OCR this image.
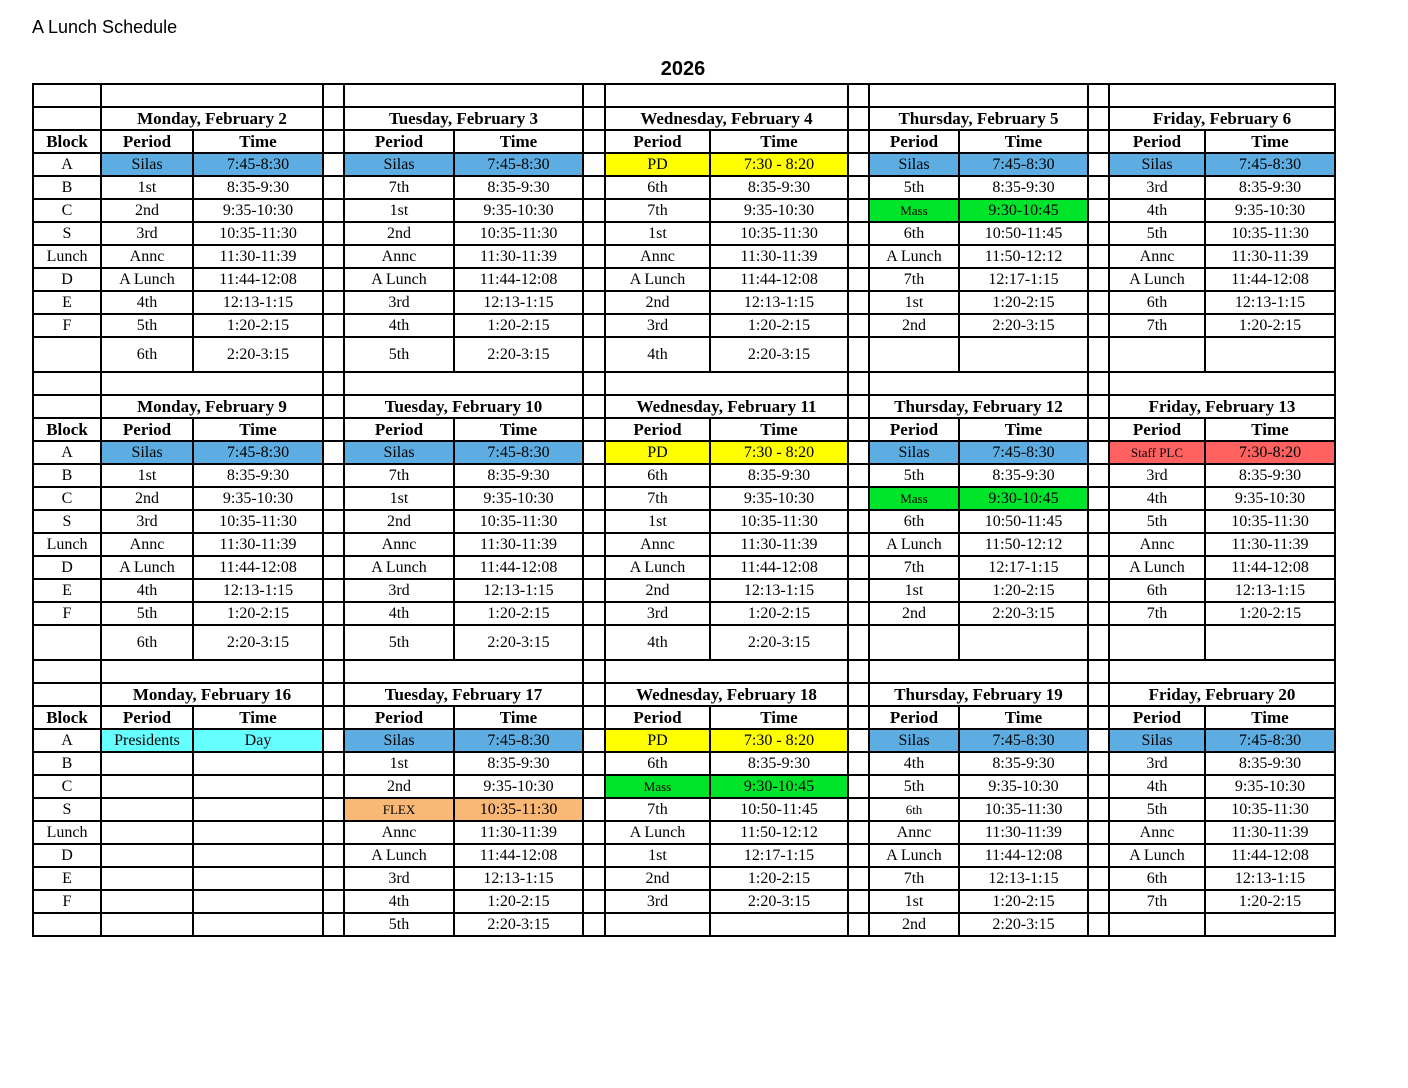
A Lunch Schedule
2026

	Monday, February 2			Tuesday, February 3			Wednesday, February 4			Thursday, February 5			Friday, February 6	
Block	Period	Time		Period	Time		Period	Time		Period	Time		Period	Time
A	Silas	7:45-8:30		Silas	7:45-8:30		PD	7:30 - 8:20		Silas	7:45-8:30		Silas	7:45-8:30
B	1st	8:35-9:30		7th	8:35-9:30		6th	8:35-9:30		5th	8:35-9:30		3rd	8:35-9:30
C	2nd	9:35-10:30		1st	9:35-10:30		7th	9:35-10:30		Mass	9:30-10:45		4th	9:35-10:30
S	3rd	10:35-11:30		2nd	10:35-11:30		1st	10:35-11:30		6th	10:50-11:45		5th	10:35-11:30
Lunch	Annc	11:30-11:39		Annc	11:30-11:39		Annc	11:30-11:39		A Lunch	11:50-12:12		Annc	11:30-11:39
D	A Lunch	11:44-12:08		A Lunch	11:44-12:08		A Lunch	11:44-12:08		7th	12:17-1:15		A Lunch	11:44-12:08
E	4th	12:13-1:15		3rd	12:13-1:15		2nd	12:13-1:15		1st	1:20-2:15		6th	12:13-1:15
F	5th	1:20-2:15		4th	1:20-2:15		3rd	1:20-2:15		2nd	2:20-3:15		7th	1:20-2:15
	6th	2:20-3:15		5th	2:20-3:15		4th	2:20-3:15						

	Monday, February 9			Tuesday, February 10			Wednesday, February 11			Thursday, February 12			Friday, February 13	
Block	Period	Time		Period	Time		Period	Time		Period	Time		Period	Time
A	Silas	7:45-8:30		Silas	7:45-8:30		PD	7:30 - 8:20		Silas	7:45-8:30		Staff PLC	7:30-8:20
B	1st	8:35-9:30		7th	8:35-9:30		6th	8:35-9:30		5th	8:35-9:30		3rd	8:35-9:30
C	2nd	9:35-10:30		1st	9:35-10:30		7th	9:35-10:30		Mass	9:30-10:45		4th	9:35-10:30
S	3rd	10:35-11:30		2nd	10:35-11:30		1st	10:35-11:30		6th	10:50-11:45		5th	10:35-11:30
Lunch	Annc	11:30-11:39		Annc	11:30-11:39		Annc	11:30-11:39		A Lunch	11:50-12:12		Annc	11:30-11:39
D	A Lunch	11:44-12:08		A Lunch	11:44-12:08		A Lunch	11:44-12:08		7th	12:17-1:15		A Lunch	11:44-12:08
E	4th	12:13-1:15		3rd	12:13-1:15		2nd	12:13-1:15		1st	1:20-2:15		6th	12:13-1:15
F	5th	1:20-2:15		4th	1:20-2:15		3rd	1:20-2:15		2nd	2:20-3:15		7th	1:20-2:15
	6th	2:20-3:15		5th	2:20-3:15		4th	2:20-3:15						

	Monday, February 16			Tuesday, February 17			Wednesday, February 18			Thursday, February 19			Friday, February 20	
Block	Period	Time		Period	Time		Period	Time		Period	Time		Period	Time
A	Presidents	Day		Silas	7:45-8:30		PD	7:30 - 8:20		Silas	7:45-8:30		Silas	7:45-8:30
B				1st	8:35-9:30		6th	8:35-9:30		4th	8:35-9:30		3rd	8:35-9:30
C				2nd	9:35-10:30		Mass	9:30-10:45		5th	9:35-10:30		4th	9:35-10:30
S				FLEX	10:35-11:30		7th	10:50-11:45		6th	10:35-11:30		5th	10:35-11:30
Lunch				Annc	11:30-11:39		A Lunch	11:50-12:12		Annc	11:30-11:39		Annc	11:30-11:39
D				A Lunch	11:44-12:08		1st	12:17-1:15		A Lunch	11:44-12:08		A Lunch	11:44-12:08
E				3rd	12:13-1:15		2nd	1:20-2:15		7th	12:13-1:15		6th	12:13-1:15
F				4th	1:20-2:15		3rd	2:20-3:15		1st	1:20-2:15		7th	1:20-2:15
				5th	2:20-3:15					2nd	2:20-3:15			
